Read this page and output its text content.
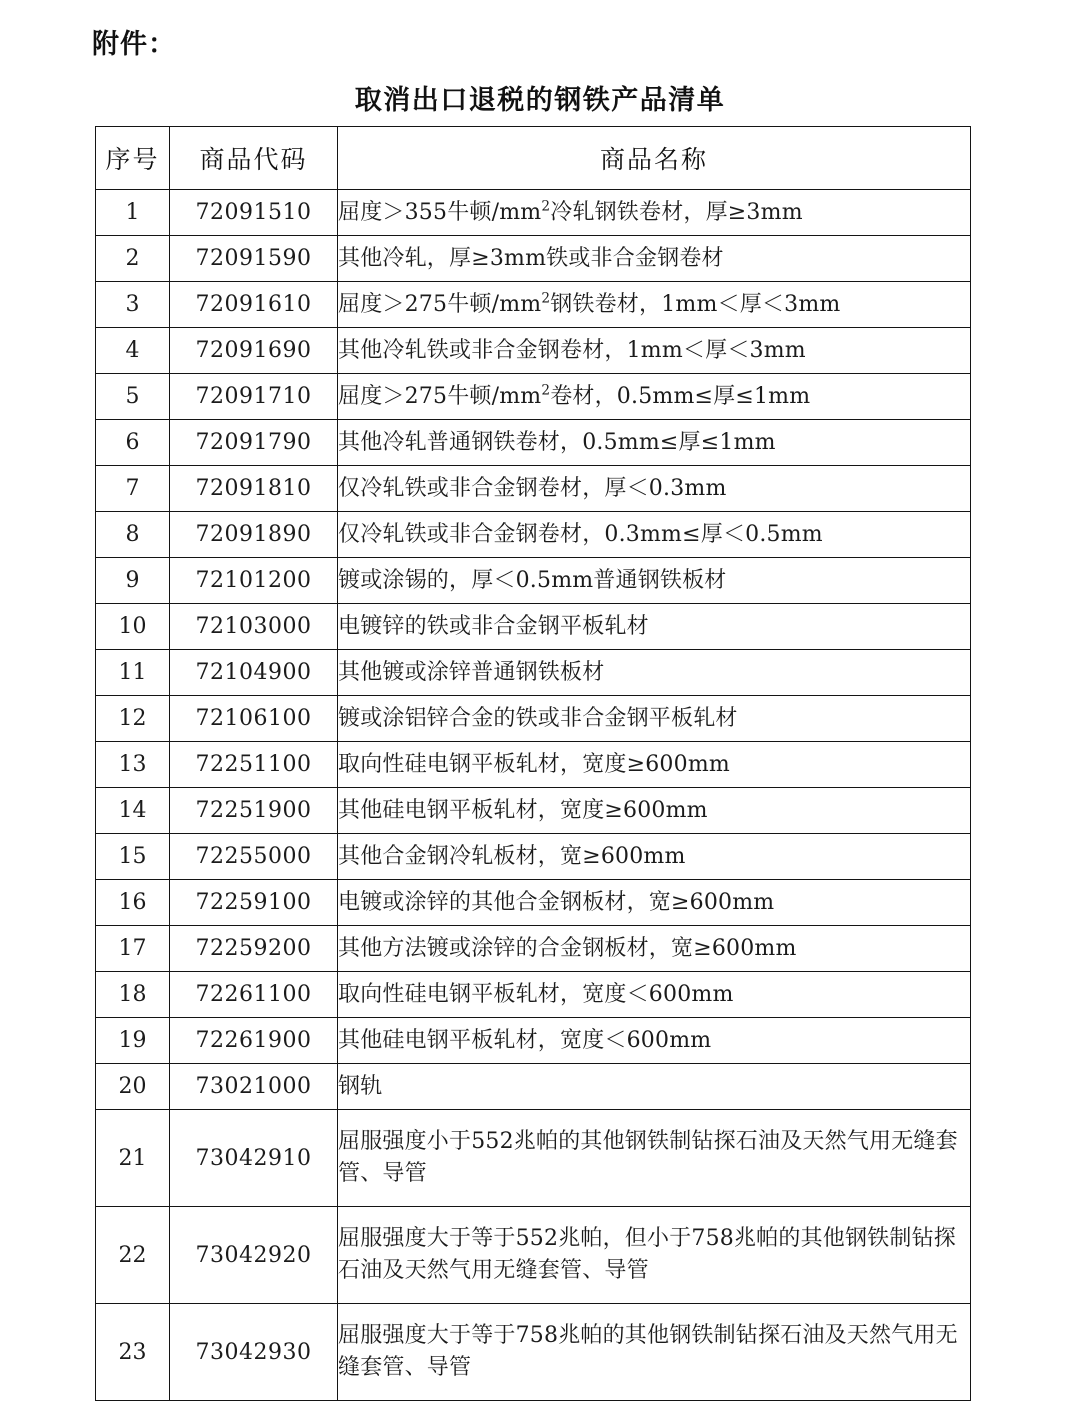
附件：
取消出口退税的钢铁产品清单
序号	商品代码	商品名称
1	72091510	屈度＞355牛顿$/mm^2$冷轧钢铁卷材，厚≥3mm
2	72091590	其他冷轧，厚≥3mm铁或非合金钢卷材
3	72091610	屈度＞275牛顿$/mm^2$钢铁卷材，1mm＜厚＜3mm
4	72091690	其他冷轧铁或非合金钢卷材，1mm＜厚＜3mm
5	72091710	屈度＞275牛顿$/mm^2$卷材，0.5mm≤厚≤1mm
6	72091790	其他冷轧普通钢铁卷材，0.5mm≤厚≤1mm
7	72091810	仅冷轧铁或非合金钢卷材，厚＜0.3mm
8	72091890	仅冷轧铁或非合金钢卷材，0.3mm≤厚＜0.5mm
9	72101200	镀或涂锡的，厚＜0.5mm普通钢铁板材
10	72103000	电镀锌的铁或非合金钢平板轧材
11	72104900	其他镀或涂锌普通钢铁板材
12	72106100	镀或涂铝锌合金的铁或非合金钢平板轧材
13	72251100	取向性硅电钢平板轧材，宽度≥600mm
14	72251900	其他硅电钢平板轧材，宽度≥600mm
15	72255000	其他合金钢冷轧板材，宽≥600mm
16	72259100	电镀或涂锌的其他合金钢板材，宽≥600mm
17	72259200	其他方法镀或涂锌的合金钢板材，宽≥600mm
18	72261100	取向性硅电钢平板轧材，宽度＜600mm
19	72261900	其他硅电钢平板轧材，宽度＜600mm
20	73021000	钢轨
21	73042910	屈服强度小于552兆帕的其他钢铁制钻探石油及天然气用无缝套管、导管
22	73042920	屈服强度大于等于552兆帕，但小于758兆帕的其他钢铁制钻探石油及天然气用无缝套管、导管
23	73042930	屈服强度大于等于758兆帕的其他钢铁制钻探石油及天然气用无缝套管、导管
